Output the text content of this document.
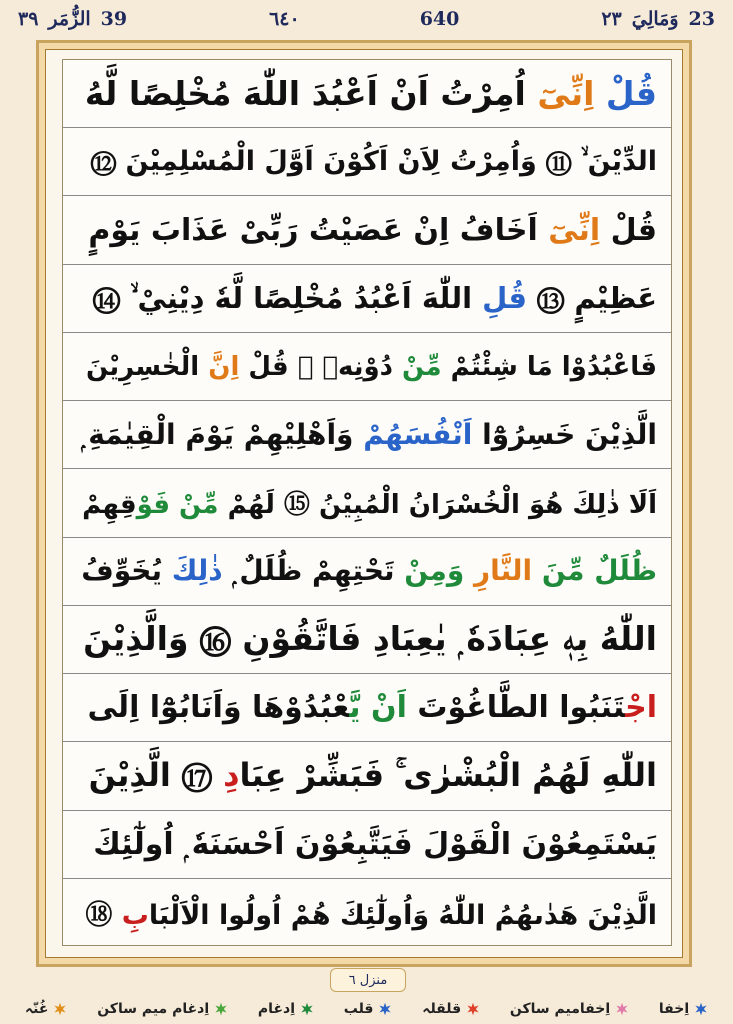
٣٩ الزُّمَر 39	٦٤٠	640	٢٣ وَمَالِيَ 23
قُلْ اِنِّیٓ اُمِرْتُ اَنْ اَعْبُدَ اللّٰهَ مُخْلِصًا لَّهُ
الدِّيْنَ ۙ ⑪ وَاُمِرْتُ لِاَنْ اَكُوْنَ اَوَّلَ الْمُسْلِمِيْنَ ⑫
قُلْ اِنِّیٓ اَخَافُ اِنْ عَصَيْتُ رَبِّیْ عَذَابَ يَوْمٍ
عَظِيْمٍ ⑬ قُلِ اللّٰهَ اَعْبُدُ مُخْلِصًا لَّهٗ دِيْنِيْ ۙ ⑭
فَاعْبُدُوْا مَا شِئْتُمْ مِّنْ دُوْنِهٖ ۭ قُلْ اِنَّ الْخٰسِرِيْنَ
الَّذِيْنَ خَسِرُوْٓا اَنْفُسَهُمْ وَاَهْلِيْهِمْ يَوْمَ الْقِيٰمَةِ ۭ
اَلَا ذٰلِكَ هُوَ الْخُسْرَانُ الْمُبِيْنُ ⑮ لَهُمْ مِّنْ فَوْقِهِمْ
ظُلَلٌ مِّنَ النَّارِ وَمِنْ تَحْتِهِمْ ظُلَلٌ ۭ ذٰلِكَ يُخَوِّفُ
اللّٰهُ بِهٖ عِبَادَهٗ ۭ يٰعِبَادِ فَاتَّقُوْنِ ⑯ وَالَّذِيْنَ
اجْتَنَبُوا الطَّاغُوْتَ اَنْ يَّعْبُدُوْهَا وَاَنَابُوْٓا اِلَى
اللّٰهِ لَهُمُ الْبُشْرٰى ۚ فَبَشِّرْ عِبَادِ ⑰ الَّذِيْنَ
يَسْتَمِعُوْنَ الْقَوْلَ فَيَتَّبِعُوْنَ اَحْسَنَهٗ ۭ اُولٰٓئِكَ
الَّذِيْنَ هَدٰىهُمُ اللّٰهُ وَاُولٰٓئِكَ هُمْ اُولُوا الْاَلْبَابِ ⑱
منزل ٦
اِخفا
اِخفامیم ساکن
قلقلہ
قلب
اِدغام
اِدغام میم ساکن
غُنّہ
